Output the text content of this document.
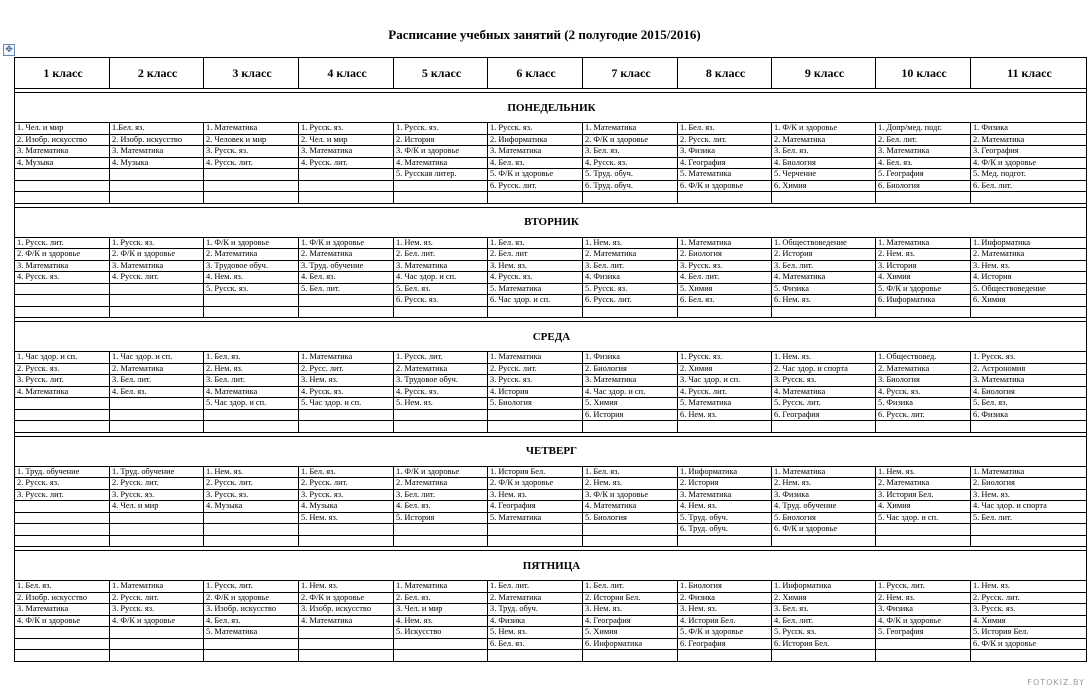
Расписание учебных занятий (2 полугодие 2015/2016)
✥
1 класс	2 класс	3 класс	4 класс	5 класс	6 класс	7 класс	8 класс	9 класс	10 класс	11 класс

ПОНЕДЕЛЬНИК										
1. Чел. и мир	1.Бел. яз.	1. Математика	1. Русск. яз.	1. Русск. яз.	1. Русск. яз.	1. Математика	1. Бел. яз.	1. Ф/К и здоровье	1. Допр/мед. подг.	1. Физика
2. Изобр. искусство	2. Изобр. искусство	2. Человек и мир	2. Чел. и мир	2. История	2. Информатика	2. Ф/К и здоровье	2. Русск. лит.	2. Математика	2. Бел. лит.	2. Математика
3. Математика	3. Математика	3. Русск. яз.	3. Математика	3. Ф/К и здоровье	3. Математика	3. Бел. яз.	3. Физика	3. Бел. яз.	3. Математика	3. География
4. Музыка	4. Музыка	4. Русск. лит.	4. Русск. лит.	4. Математика	4. Бел. яз.	4. Русск. яз.	4. География	4. Биология	4. Бел. яз.	4. Ф/К и здоровье
				5. Русская литер.	5. Ф/К и здоровье	5. Труд. обуч.	5. Математика	5. Черчение	5. География	5. Мед. подгот.
					6. Русск. лит.	6. Труд. обуч.	6. Ф/К и здоровье	6. Химия	6. Биология	6. Бел. лит.

ВТОРНИК										
1. Русск. лит.	1. Русск. яз.	1. Ф/К и здоровье	1. Ф/К и здоровье	1. Нем. яз.	1. Бел. яз.	1. Нем. яз.	1. Математика	1. Обществоведение	1. Математика	1. Информатика
2. Ф/К и здоровье	2. Ф/К и здоровье	2. Математика	2. Математика	2. Бел. лит.	2. Бел. лит	2. Математика	2. Биология	2. История	2. Нем. яз.	2. Математика
3. Математика	3. Математика	3. Трудовое обуч.	3. Труд. обучение	3. Математика	3. Нем. яз.	3. Бел. лит.	3. Русск. яз.	3. Бел. лит.	3. История	3. Нем. яз.
4. Русск. яз.	4. Русск. лит.	4. Нем. яз.	4. Бел. яз.	4. Час здор. и сп.	4. Русск. яз.	4. Физика	4. Бел. лит.	4. Математика	4. Химия	4. История
		5. Русск. яз.	5. Бел. лит.	5. Бел. яз.	5. Математика	5. Русск. яз.	5. Химия	5. Физика	5. Ф/К и здоровье	5. Обществоведение
				6. Русск. яз.	6. Час здор. и сп.	6. Русск. лит.	6. Бел. яз.	6. Нем. яз.	6. Информатика	6. Химия

СРЕДА										
1. Час здор. и сп.	1. Час здор. и сп.	1. Бел. яз.	1. Математика	1. Русск. лит.	1. Математика	1. Физика	1. Русск. яз.	1. Нем. яз.	1. Обществовед.	1. Русск. яз.
2. Русск. яз.	2. Математика	2. Нем. яз.	2. Русс. лит.	2. Математика	2. Русск. лит.	2. Биология	2. Химия	2. Час здор. и спорта	2. Математика	2. Астрономия
3. Русск. лит.	3. Бел. лит.	3. Бел. лит.	3. Нем. яз.	3. Трудовое обуч.	3. Русск. яз.	3. Математика	3. Час здор. и сп.	3. Русск. яз.	3. Биология	3. Математика
4. Математика	4. Бел. яз.	4. Математика	4. Русск. яз.	4. Русск. яз.	4. История	4. Час здор. и сп.	4. Русск. лит.	4. Математика	4. Русск. яз.	4. Биология
		5. Час здор. и сп.	5. Час здор. и сп.	5. Нем. яз.	5. Биология	5. Химия	5. Математика	5. Русск. лит.	5. Физика	5. Бел. яз.
						6. История	6. Нем. яз.	6. География	6. Русск. лит.	6. Физика

ЧЕТВЕРГ										
1. Труд. обучение	1. Труд. обучение	1. Нем. яз.	1. Бел. яз.	1. Ф/К и здоровье	1. История Бел.	1. Бел. яз.	1. Информатика	1. Математика	1. Нем. яз.	1. Математика
2. Русск. яз.	2. Русск. лит.	2. Русск. лит.	2. Русск. лит.	2. Математика	2. Ф/К и здоровье	2. Нем. яз.	2. История	2. Нем. яз.	2. Математика	2. Биология
3. Русск. лит.	3. Русск. яз.	3. Русск. яз.	3. Русск. яз.	3. Бел. лит.	3. Нем. яз.	3. Ф/К и здоровье	3. Математика	3. Физика	3. История Бел.	3. Нем. яз.
	4. Чел. и мир	4. Музыка	4. Музыка	4. Бел. яз.	4. География	4. Математика	4. Нем. яз.	4. Труд. обучение	4. Химия	4. Час здор. и спорта
			5. Нем. яз.	5. История	5. Математика	5. Биология	5. Труд. обуч.	5. Биология	5. Час здор. и сп.	5. Бел. лит.
							6. Труд. обуч.	6. Ф/К и здоровье		

ПЯТНИЦА										
1. Бел. яз.	1. Математика	1. Русск. лит.	1. Нем. яз.	1. Математика	1. Бел. лит.	1. Бел. лит.	1. Биология	1. Информатика	1. Русск. лит.	1. Нем. яз.
2. Изобр. искусство	2. Русск. лит.	2. Ф/К и здоровье	2. Ф/К и здоровье	2. Бел. яз.	2. Математика	2. История Бел.	2. Физика	2. Химия	2. Нем. яз.	2. Русск. лит.
3. Математика	3. Русск. яз.	3. Изобр. искусство	3. Изобр. искусство	3. Чел. и мир	3. Труд. обуч.	3. Нем. яз.	3. Нем. яз.	3. Бел. яз.	3. Физика	3. Русск. яз.
4. Ф/К и здоровье	4. Ф/К и здоровье	4. Бел. яз.	4. Математика	4. Нем. яз.	4. Физика	4. География	4. История Бел.	4. Бел. лит.	4. Ф/К и здоровье	4. Химия
		5. Математика		5. Искусство	5. Нем. яз.	5. Химия	5. Ф/К и здоровье	5. Русск. яз.	5. География	5. История Бел.
					6. Бел. яз.	6. Информатика	6. География	6. История Бел.		6. Ф/К и здоровье

FOTOKIZ.BY
